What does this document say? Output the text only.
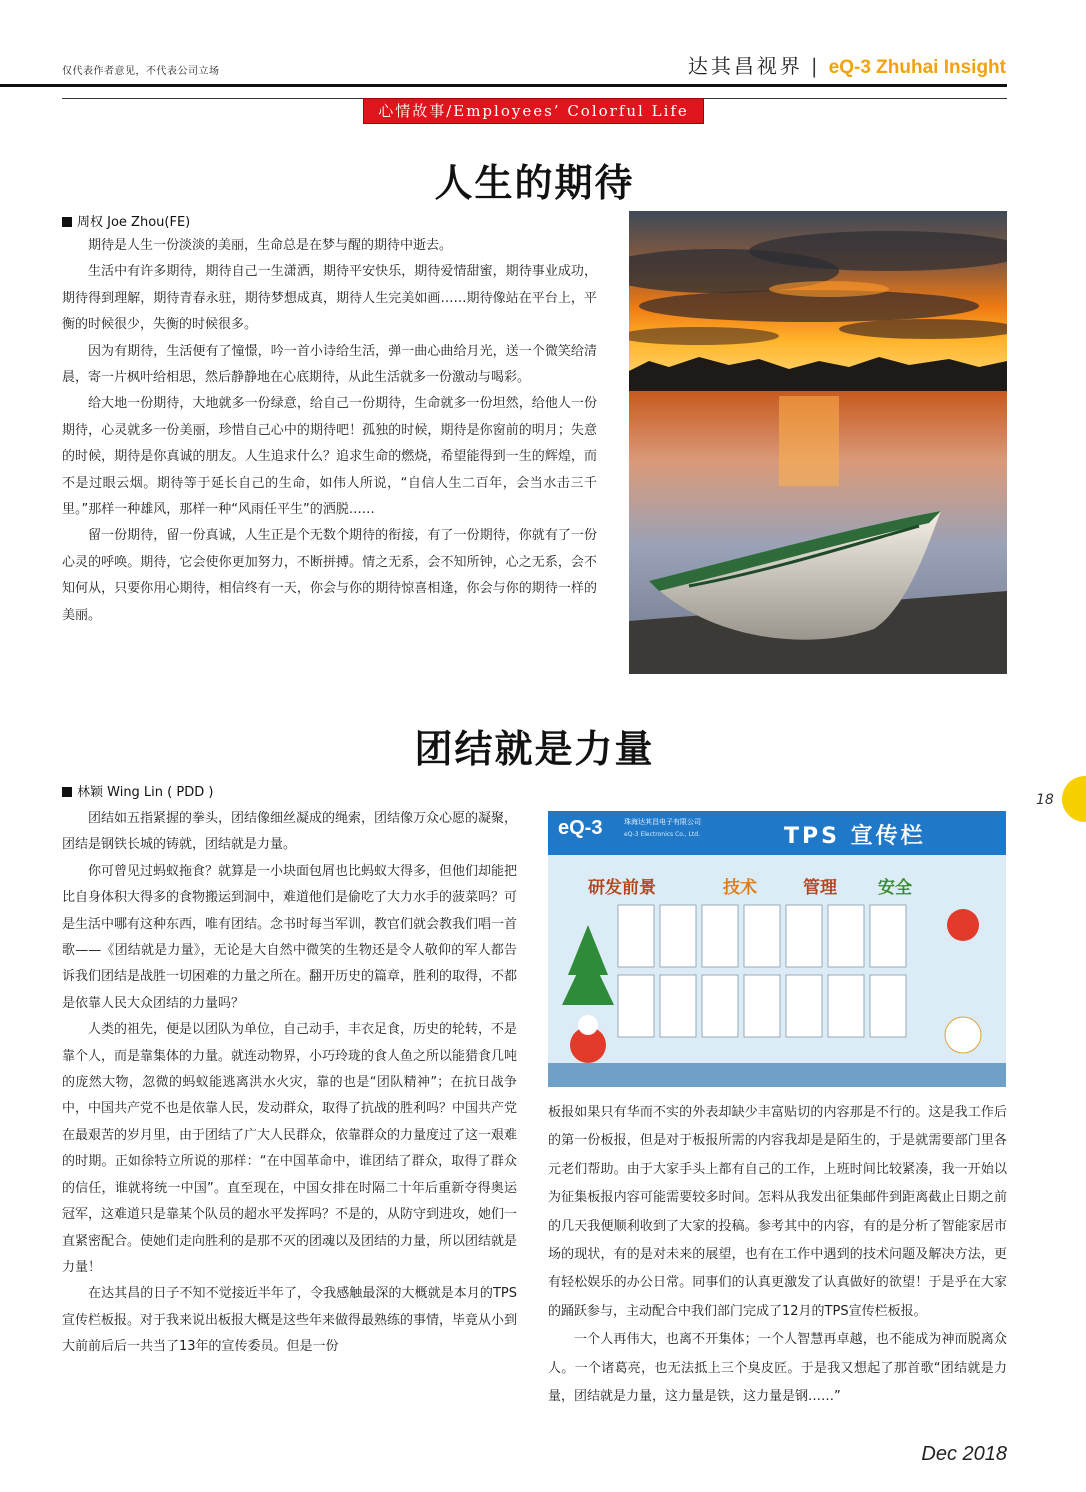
仅代表作者意见，不代表公司立场	达其昌视界 | eQ-3 Zhuhai Insight
心情故事/Employees’ Colorful Life
人生的期待
周权 Joe Zhou(FE)

期待是人生一份淡淡的美丽，生命总是在梦与醒的期待中逝去。

生活中有许多期待，期待自己一生潇洒，期待平安快乐，期待爱情甜蜜，期待事业成功，期待得到理解，期待青春永驻，期待梦想成真，期待人生完美如画……期待像站在平台上，平衡的时候很少，失衡的时候很多。

因为有期待，生活便有了憧憬，吟一首小诗给生活，弹一曲心曲给月光，送一个微笑给清晨，寄一片枫叶给相思，然后静静地在心底期待，从此生活就多一份激动与喝彩。

给大地一份期待，大地就多一份绿意，给自己一份期待，生命就多一份坦然，给他人一份期待，心灵就多一份美丽，珍惜自己心中的期待吧！孤独的时候，期待是你窗前的明月；失意的时候，期待是你真诚的朋友。人生追求什么？追求生命的燃烧，希望能得到一生的辉煌，而不是过眼云烟。期待等于延长自己的生命，如伟人所说，“自信人生二百年，会当水击三千里。”那样一种雄风，那样一种“风雨任平生”的洒脱……

留一份期待，留一份真诚，人生正是个无数个期待的衔接，有了一份期待，你就有了一份心灵的呼唤。期待，它会使你更加努力，不断拼搏。情之无系，会不知所钟，心之无系，会不知何从，只要你用心期待，相信终有一天，你会与你的期待惊喜相逢，你会与你的期待一样的美丽。

团结就是力量
林颖 Wing Lin ( PDD )

团结如五指紧握的拳头，团结像细丝凝成的绳索，团结像万众心愿的凝聚，团结是钢铁长城的铸就，团结就是力量。

你可曾见过蚂蚁拖食？就算是一小块面包屑也比蚂蚁大得多，但他们却能把比自身体积大得多的食物搬运到洞中，难道他们是偷吃了大力水手的菠菜吗？可是生活中哪有这种东西，唯有团结。念书时每当军训，教官们就会教我们唱一首歌——《团结就是力量》，无论是大自然中微笑的生物还是令人敬仰的军人都告诉我们团结是战胜一切困难的力量之所在。翻开历史的篇章，胜利的取得，不都是依靠人民大众团结的力量吗？

人类的祖先，便是以团队为单位，自己动手，丰衣足食，历史的轮转，不是靠个人，而是靠集体的力量。就连动物界，小巧玲珑的食人鱼之所以能猎食几吨的庞然大物，忽微的蚂蚁能逃离洪水火灾，靠的也是“团队精神”；在抗日战争中，中国共产党不也是依靠人民，发动群众，取得了抗战的胜利吗？中国共产党在最艰苦的岁月里，由于团结了广大人民群众，依靠群众的力量度过了这一艰难的时期。正如徐特立所说的那样：“在中国革命中，谁团结了群众，取得了群众的信任，谁就将统一中国”。直至现在，中国女排在时隔二十年后重新夺得奥运冠军，这难道只是靠某个队员的超水平发挥吗？不是的，从防守到进攻，她们一直紧密配合。使她们走向胜利的是那不灭的团魂以及团结的力量，所以团结就是力量！

在达其昌的日子不知不觉接近半年了，令我感触最深的大概就是本月的TPS宣传栏板报。对于我来说出板报大概是这些年来做得最熟练的事情，毕竟从小到大前前后后一共当了13年的宣传委员。但是一份

eQ-3	珠海达其昌电子有限公司
eQ-3 Electronics Co., Ltd.	TPS 宣传栏
研发前景	技术	管理 安全

板报如果只有华而不实的外表却缺少丰富贴切的内容那是不行的。这是我工作后的第一份板报，但是对于板报所需的内容我却是是陌生的，于是就需要部门里各元老们帮助。由于大家手头上都有自己的工作，上班时间比较紧凑，我一开始以为征集板报内容可能需要较多时间。怎料从我发出征集邮件到距离截止日期之前的几天我便顺利收到了大家的投稿。参考其中的内容，有的是分析了智能家居市场的现状，有的是对未来的展望，也有在工作中遇到的技术问题及解决方法，更有轻松娱乐的办公日常。同事们的认真更激发了认真做好的欲望！于是乎在大家的踊跃参与，主动配合中我们部门完成了12月的TPS宣传栏板报。

一个人再伟大，也离不开集体；一个人智慧再卓越，也不能成为神而脱离众人。一个诸葛亮，也无法抵上三个臭皮匠。于是我又想起了那首歌“团结就是力量，团结就是力量，这力量是铁，这力量是钢……”

18
Dec 2018
